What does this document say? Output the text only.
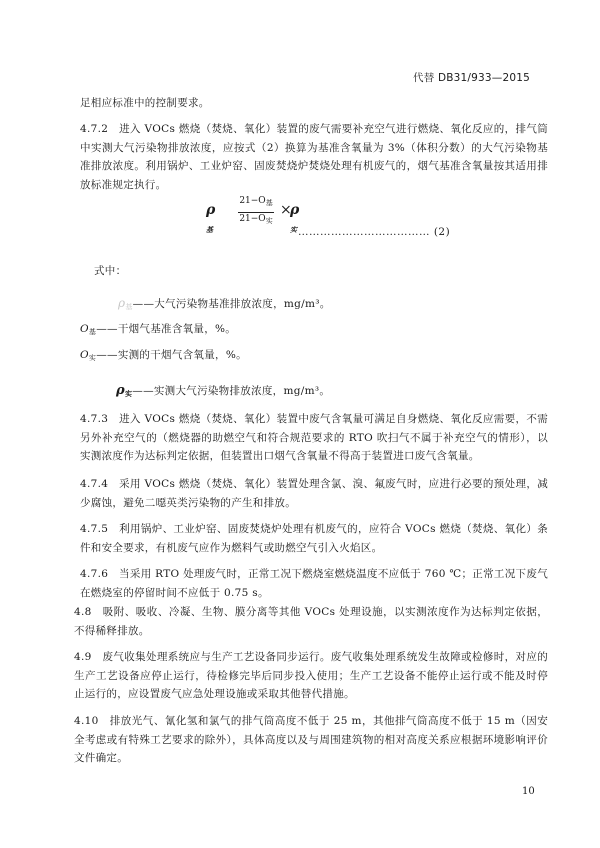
代替 DB31/933—2015
足相应标准中的控制要求。
4.7.2　进入 VOCs 燃烧（焚烧、氧化）装置的废气需要补充空气进行燃烧、氧化反应的，排气筒中实测大气污染物排放浓度，应按式（2）换算为基准含氧量为 3%（体积分数）的大气污染物基准排放浓度。利用锅炉、工业炉窑、固废焚烧炉焚烧处理有机废气的，烟气基准含氧量按其适用排放标准规定执行。
$\rho_基$
$21-O_基$
$21-O_实$
×
$\rho_实$ ……………………………… (2)
式中：
$\rho_基——$大气污染物基准排放浓度，mg/m³。
$O_基——$干烟气基准含氧量，%。
$O_实——$实测的干烟气含氧量，%。
$\rho_实——$实测大气污染物排放浓度，mg/m³。
4.7.3　进入 VOCs 燃烧（焚烧、氧化）装置中废气含氧量可满足自身燃烧、氧化反应需要，不需另外补充空气的（燃烧器的助燃空气和符合规范要求的 RTO 吹扫气不属于补充空气的情形），以实测浓度作为达标判定依据，但装置出口烟气含氧量不得高于装置进口废气含氧量。
4.7.4　采用 VOCs 燃烧（焚烧、氧化）装置处理含氯、溴、氟废气时，应进行必要的预处理，减少腐蚀，避免二噁英类污染物的产生和排放。
4.7.5　利用锅炉、工业炉窑、固废焚烧炉处理有机废气的，应符合 VOCs 燃烧（焚烧、氧化）条件和安全要求，有机废气应作为燃料气或助燃空气引入火焰区。
4.7.6　当采用 RTO 处理废气时，正常工况下燃烧室燃烧温度不应低于 760 ℃；正常工况下废气在燃烧室的停留时间不应低于 0.75 s。
4.8　吸附、吸收、冷凝、生物、膜分离等其他 VOCs 处理设施，以实测浓度作为达标判定依据，不得稀释排放。
4.9　废气收集处理系统应与生产工艺设备同步运行。废气收集处理系统发生故障或检修时，对应的生产工艺设备应停止运行，待检修完毕后同步投入使用；生产工艺设备不能停止运行或不能及时停止运行的，应设置废气应急处理设施或采取其他替代措施。
4.10　排放光气、氰化氢和氯气的排气筒高度不低于 25 m，其他排气筒高度不低于 15 m（因安全考虑或有特殊工艺要求的除外），具体高度以及与周围建筑物的相对高度关系应根据环境影响评价文件确定。
10
